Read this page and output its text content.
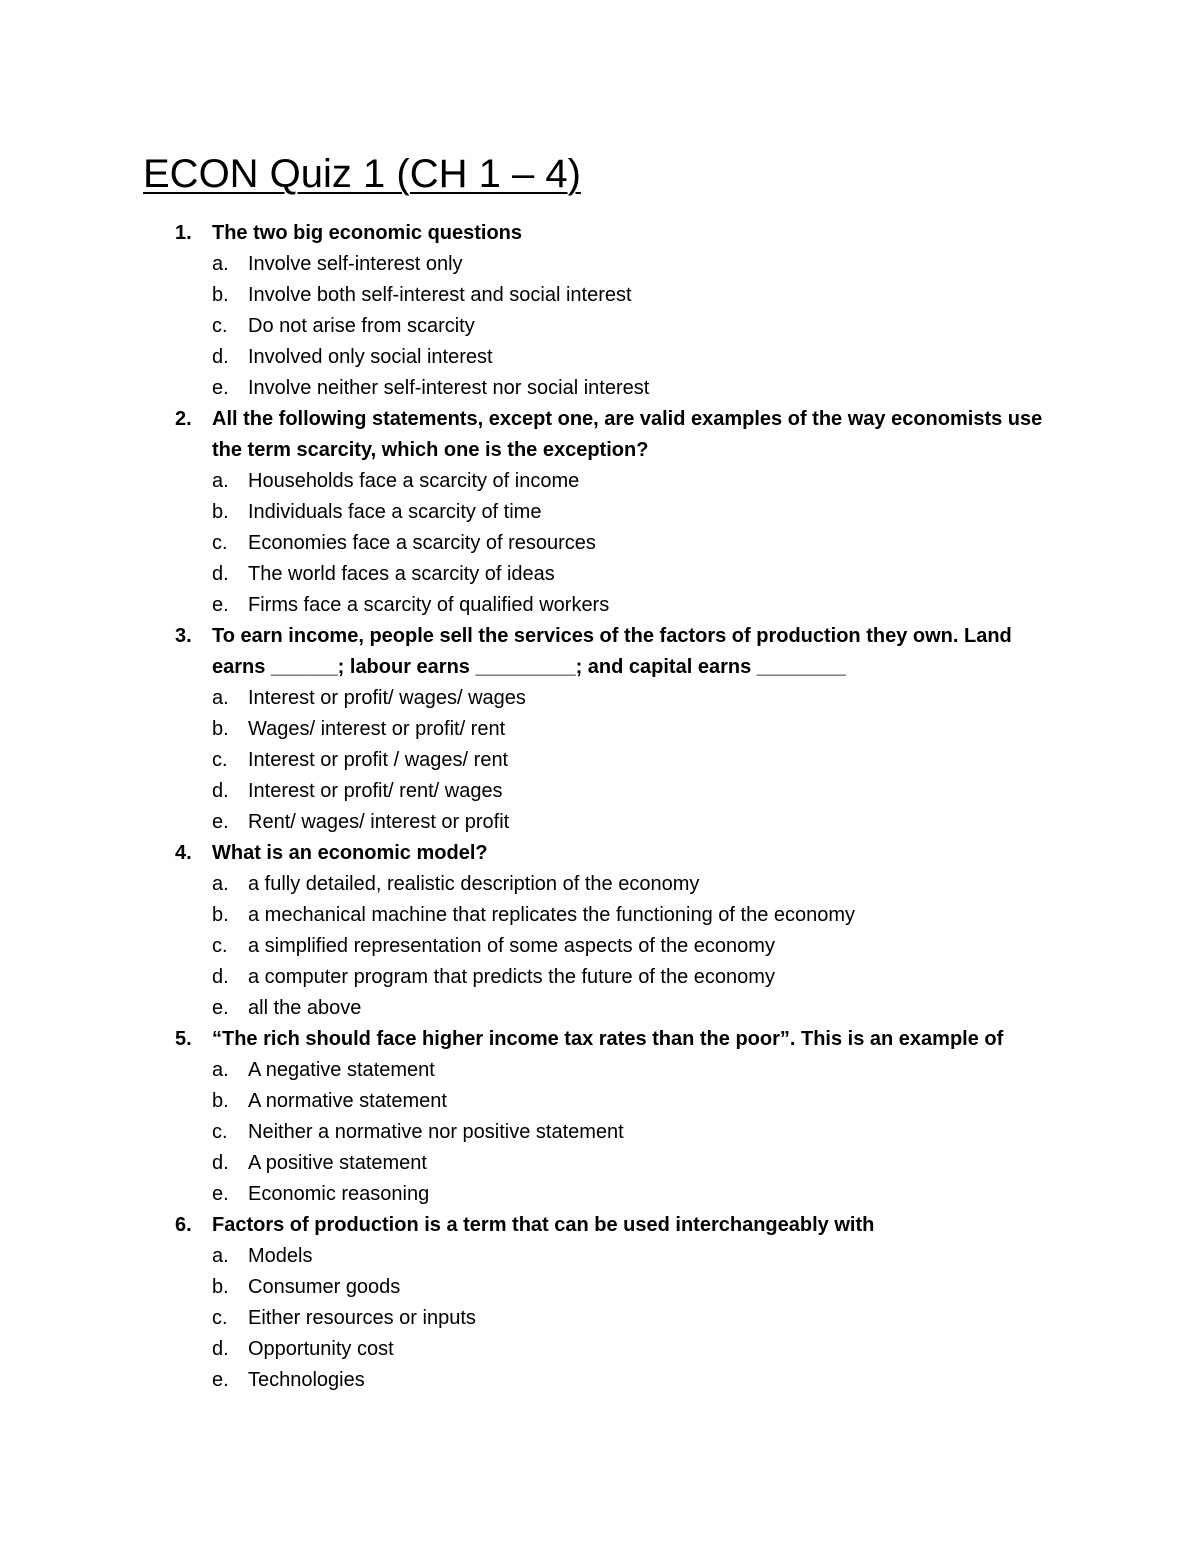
ECON Quiz 1 (CH 1 – 4)
1.	The two big economic questions
a. Involve self-interest only
b. Involve both self-interest and social interest
c.	Do not arise from scarcity
d. Involved only social interest
e. Involve neither self-interest nor social interest
2.	All the following statements, except one, are valid examples of the way economists use the term scarcity, which one is the exception?
a. Households face a scarcity of income
b. Individuals face a scarcity of time
c.	Economies face a scarcity of resources
d. The world faces a scarcity of ideas
e. Firms face a scarcity of qualified workers
3.	To earn income, people sell the services of the factors of production they own. Land earns ______; labour earns _________; and capital earns ________
a. Interest or profit/ wages/ wages
b. Wages/ interest or profit/ rent
c.	Interest or profit / wages/ rent
d. Interest or profit/ rent/ wages
e. Rent/ wages/ interest or profit
4.	What is an economic model?
a. a fully detailed, realistic description of the economy
b. a mechanical machine that replicates the functioning of the economy
c.	a simplified representation of some aspects of the economy
d. a computer program that predicts the future of the economy
e. all the above
5.	“The rich should face higher income tax rates than the poor”. This is an example of
a. A negative statement
b. A normative statement
c.	Neither a normative nor positive statement
d. A positive statement
e. Economic reasoning
6.	Factors of production is a term that can be used interchangeably with
a. Models
b. Consumer goods
c.	Either resources or inputs
d. Opportunity cost
e. Technologies
